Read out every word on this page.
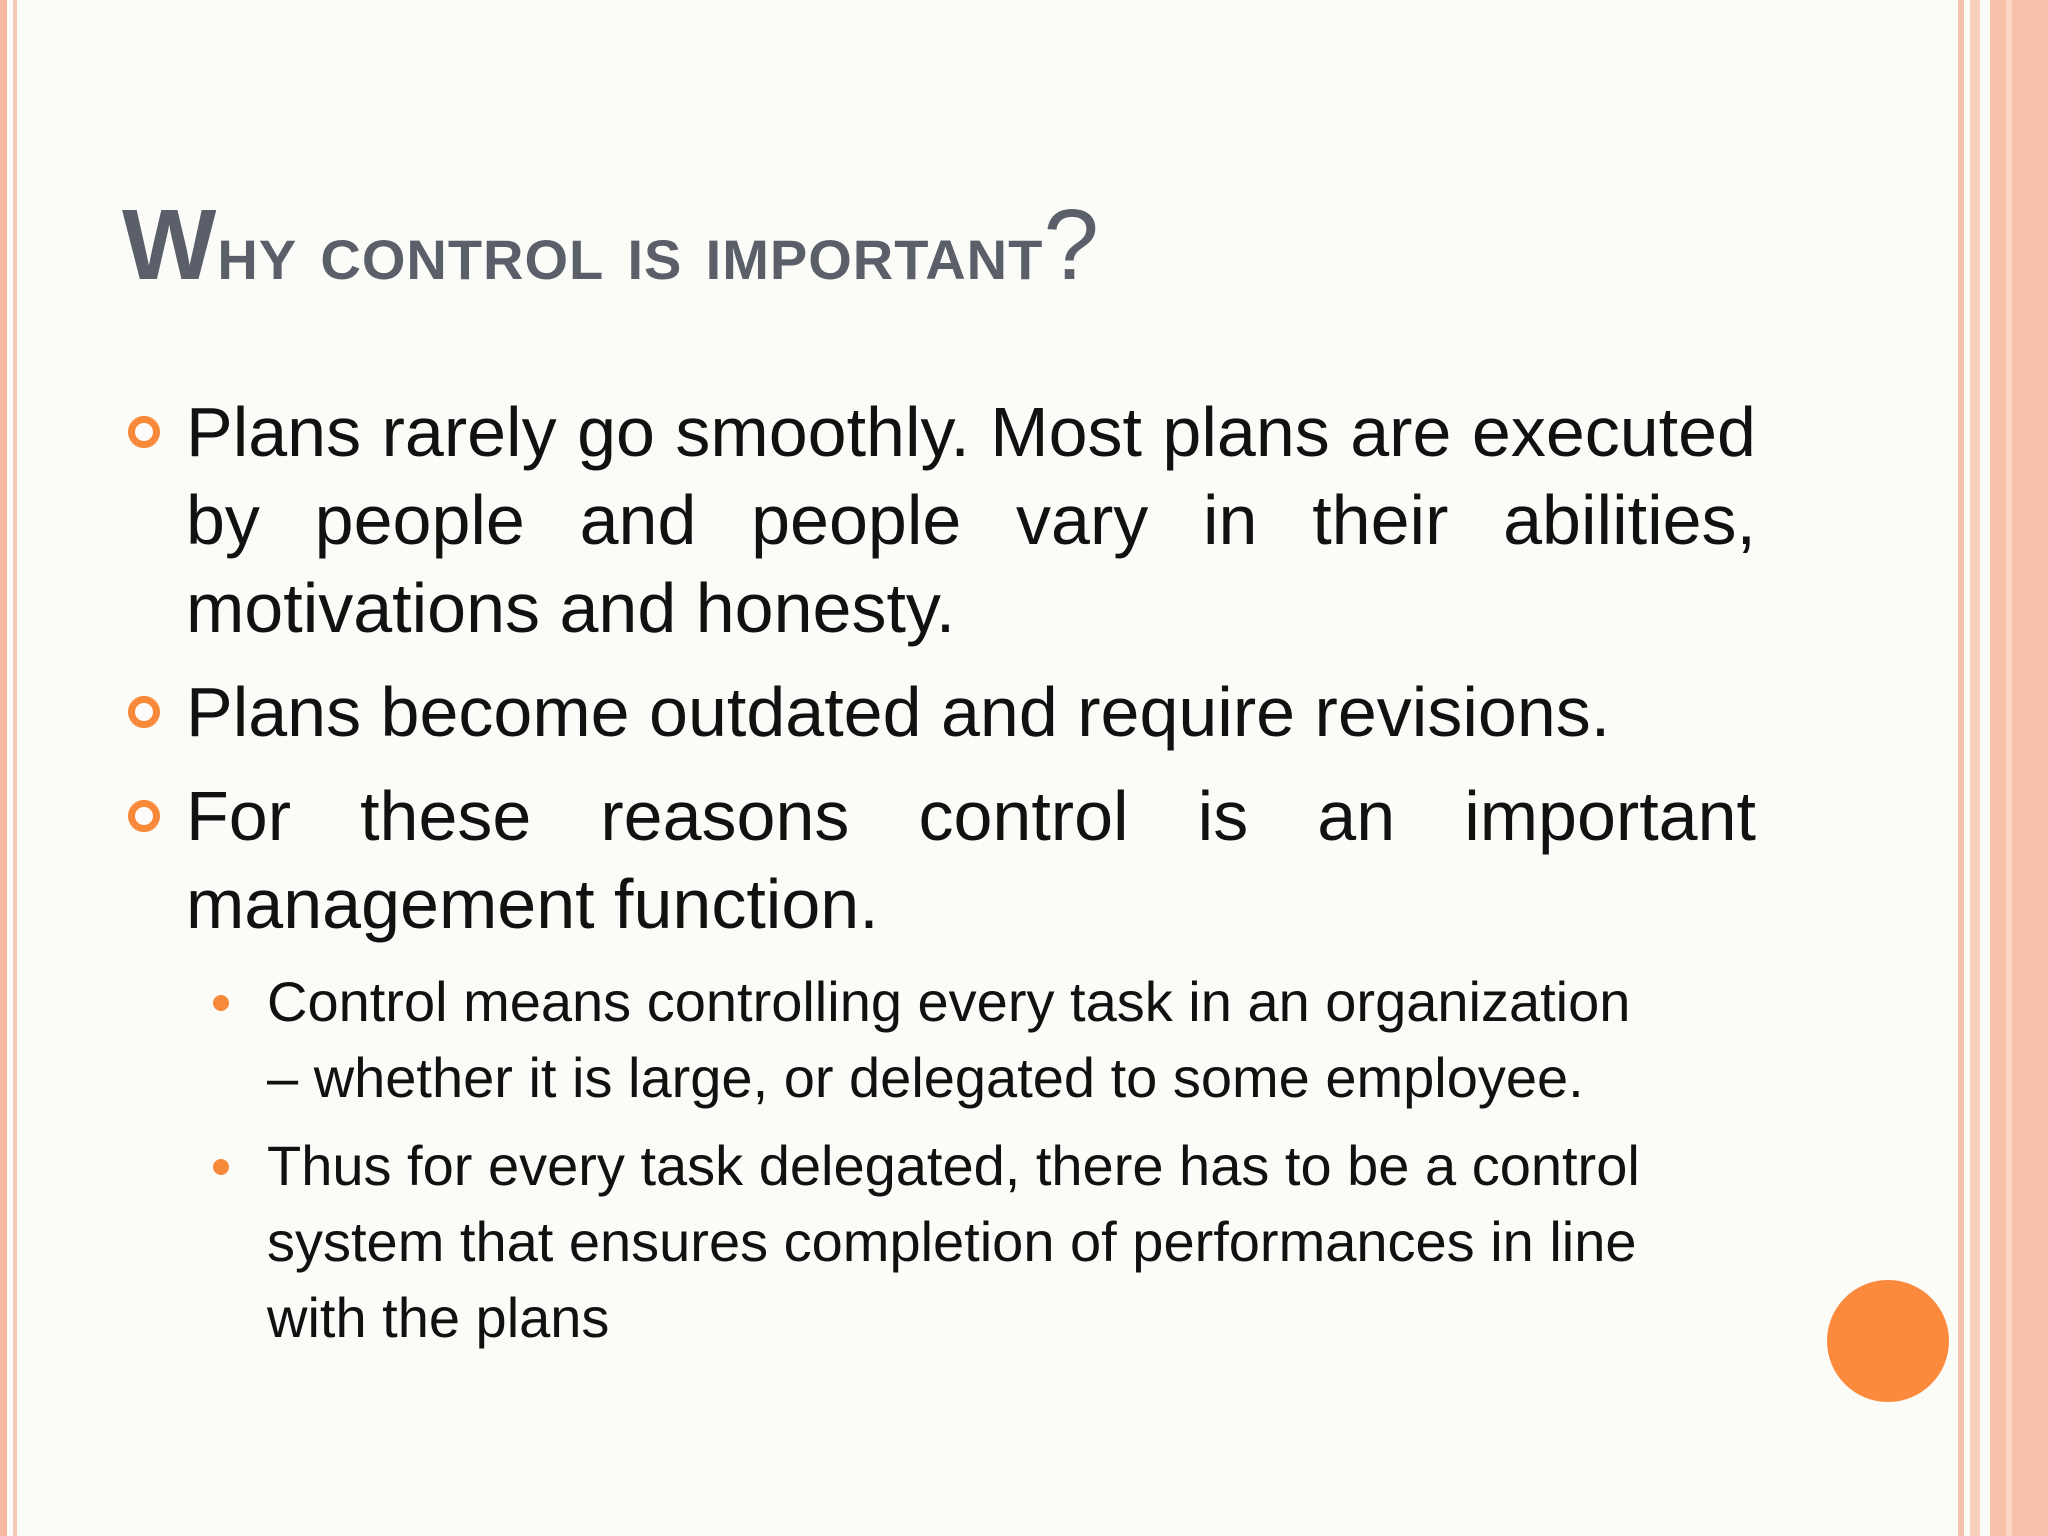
Why control is important?
Plans rarely go smoothly. Most plans are executed by people and people vary in their abilities, motivations and honesty.
Plans become outdated and require revisions.
For these reasons control is an important management function.
Control means controlling every task in an organization – whether it is large, or delegated to some employee.
Thus for every task delegated, there has to be a control system that ensures completion of performances in line with the plans
